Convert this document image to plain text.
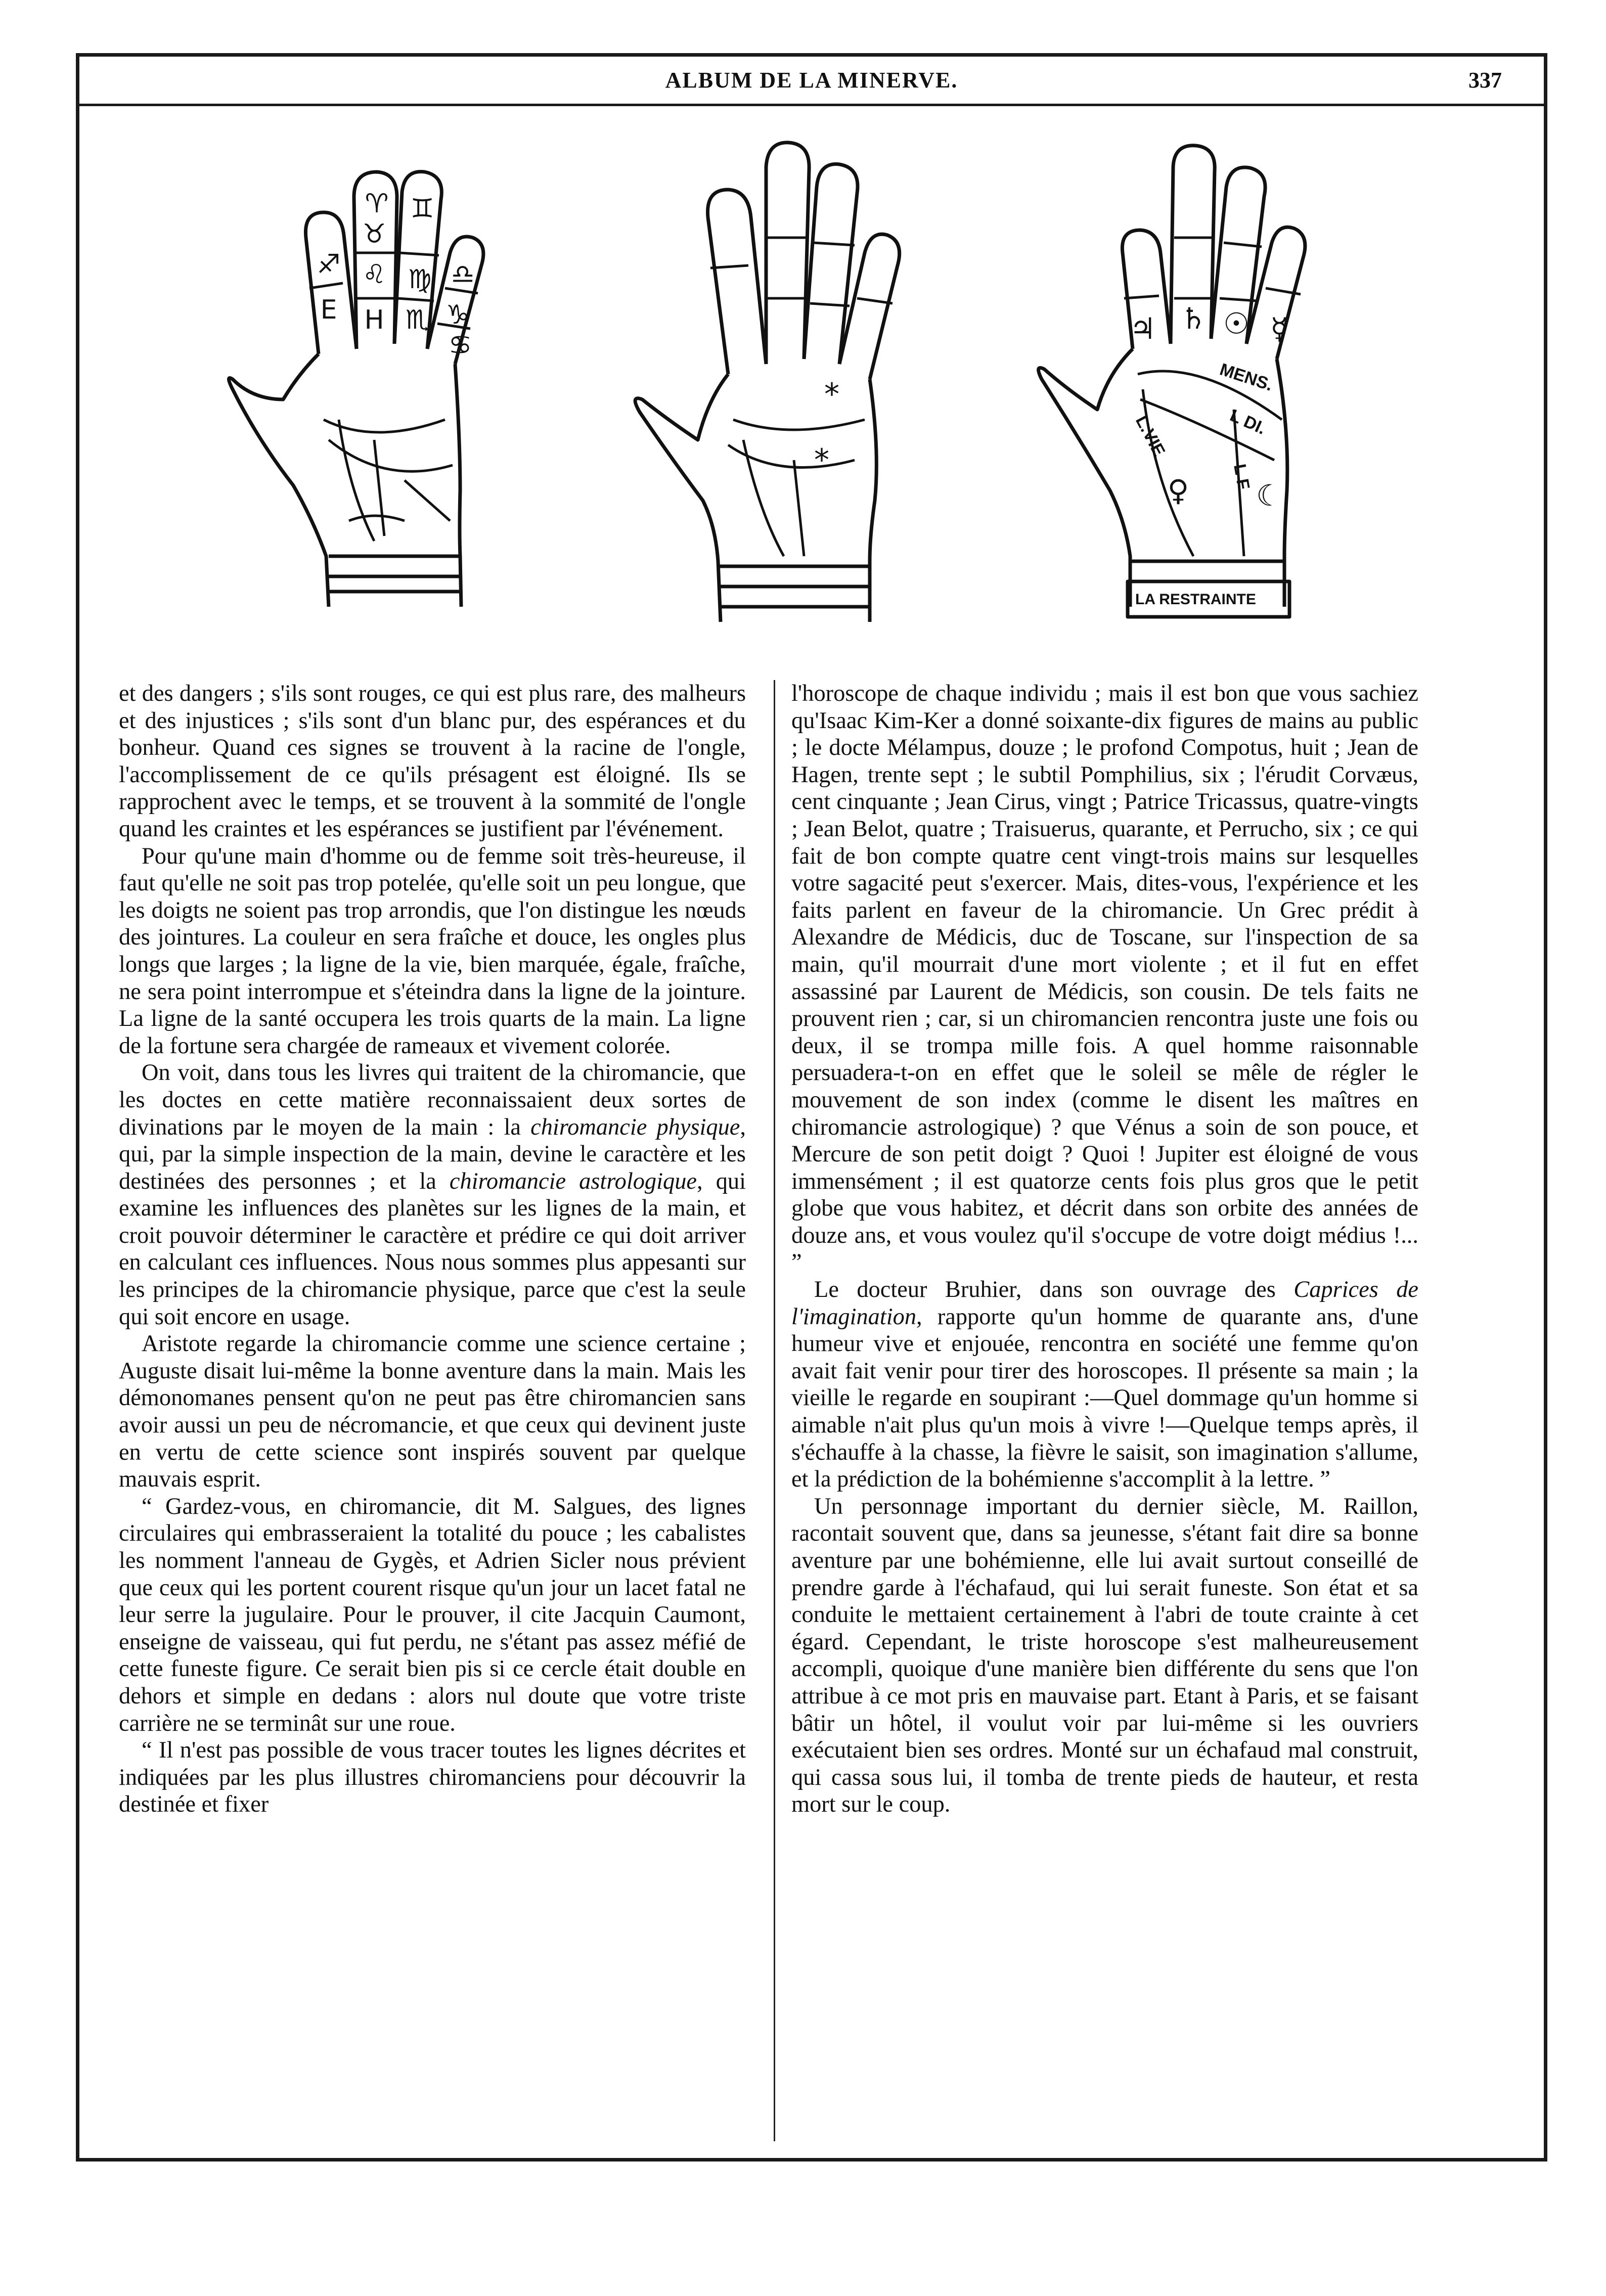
ALBUM DE LA MINERVE.	337
♐
♈
♉
♊
♌ ♍ ♎
E H ♏ ♑
♋
*
*
♃ ♄ ☉ ☿
♀ ☾
MENS.
L DI.
L.VIE
L F
LA RESTRAINTE

et des dangers ; s'ils sont rouges, ce qui est plus rare, des malheurs et des injustices ; s'ils sont d'un blanc pur, des espérances et du bonheur. Quand ces signes se trouvent à la racine de l'ongle, l'accomplissement de ce qu'ils présagent est éloigné. Ils se rapprochent avec le temps, et se trouvent à la sommité de l'ongle quand les craintes et les espérances se justifient par l'événement.

Pour qu'une main d'homme ou de femme soit très-heureuse, il faut qu'elle ne soit pas trop potelée, qu'elle soit un peu longue, que les doigts ne soient pas trop arrondis, que l'on distingue les nœuds des jointures. La couleur en sera fraîche et douce, les ongles plus longs que larges ; la ligne de la vie, bien marquée, égale, fraîche, ne sera point interrompue et s'éteindra dans la ligne de la jointure. La ligne de la santé occupera les trois quarts de la main. La ligne de la fortune sera chargée de rameaux et vivement colorée.

On voit, dans tous les livres qui traitent de la chiromancie, que les doctes en cette matière reconnaissaient deux sortes de divinations par le moyen de la main : la chiromancie physique, qui, par la simple inspection de la main, devine le caractère et les destinées des personnes ; et la chiromancie astrologique, qui examine les influences des planètes sur les lignes de la main, et croit pouvoir déterminer le caractère et prédire ce qui doit arriver en calculant ces influences. Nous nous sommes plus appesanti sur les principes de la chiromancie physique, parce que c'est la seule qui soit encore en usage.

Aristote regarde la chiromancie comme une science certaine ; Auguste disait lui-même la bonne aventure dans la main. Mais les démonomanes pensent qu'on ne peut pas être chiromancien sans avoir aussi un peu de nécromancie, et que ceux qui devinent juste en vertu de cette science sont inspirés souvent par quelque mauvais esprit.

“ Gardez-vous, en chiromancie, dit M. Salgues, des lignes circulaires qui embrasseraient la totalité du pouce ; les cabalistes les nomment l'anneau de Gygès, et Adrien Sicler nous prévient que ceux qui les portent courent risque qu'un jour un lacet fatal ne leur serre la jugulaire. Pour le prouver, il cite Jacquin Caumont, enseigne de vaisseau, qui fut perdu, ne s'étant pas assez méfié de cette funeste figure. Ce serait bien pis si ce cercle était double en dehors et simple en dedans : alors nul doute que votre triste carrière ne se terminât sur une roue.

“ Il n'est pas possible de vous tracer toutes les lignes décrites et indiquées par les plus illustres chiromanciens pour découvrir la destinée et fixer

l'horoscope de chaque individu ; mais il est bon que vous sachiez qu'Isaac Kim-Ker a donné soixante-dix figures de mains au public ; le docte Mélampus, douze ; le profond Compotus, huit ; Jean de Hagen, trente sept ; le subtil Pomphilius, six ; l'érudit Corvæus, cent cinquante ; Jean Cirus, vingt ; Patrice Tricassus, quatre-vingts ; Jean Belot, quatre ; Traisuerus, quarante, et Perrucho, six ; ce qui fait de bon compte quatre cent vingt-trois mains sur lesquelles votre sagacité peut s'exercer. Mais, dites-vous, l'expérience et les faits parlent en faveur de la chiromancie. Un Grec prédit à Alexandre de Médicis, duc de Toscane, sur l'inspection de sa main, qu'il mourrait d'une mort violente ; et il fut en effet assassiné par Laurent de Médicis, son cousin. De tels faits ne prouvent rien ; car, si un chiromancien rencontra juste une fois ou deux, il se trompa mille fois. A quel homme raisonnable persuadera-t-on en effet que le soleil se mêle de régler le mouvement de son index (comme le disent les maîtres en chiromancie astrologique) ? que Vénus a soin de son pouce, et Mercure de son petit doigt ? Quoi ! Jupiter est éloigné de vous immensément ; il est quatorze cents fois plus gros que le petit globe que vous habitez, et décrit dans son orbite des années de douze ans, et vous voulez qu'il s'occupe de votre doigt médius !... ”

Le docteur Bruhier, dans son ouvrage des Caprices de l'imagination, rapporte qu'un homme de quarante ans, d'une humeur vive et enjouée, rencontra en société une femme qu'on avait fait venir pour tirer des horoscopes. Il présente sa main ; la vieille le regarde en soupirant :—Quel dommage qu'un homme si aimable n'ait plus qu'un mois à vivre !—Quelque temps après, il s'échauffe à la chasse, la fièvre le saisit, son imagination s'allume, et la prédiction de la bohémienne s'accomplit à la lettre. ”

Un personnage important du dernier siècle, M. Raillon, racontait souvent que, dans sa jeunesse, s'étant fait dire sa bonne aventure par une bohémienne, elle lui avait surtout conseillé de prendre garde à l'échafaud, qui lui serait funeste. Son état et sa conduite le mettaient certainement à l'abri de toute crainte à cet égard. Cependant, le triste horoscope s'est malheureusement accompli, quoique d'une manière bien différente du sens que l'on attribue à ce mot pris en mauvaise part. Etant à Paris, et se faisant bâtir un hôtel, il voulut voir par lui-même si les ouvriers exécutaient bien ses ordres. Monté sur un échafaud mal construit, qui cassa sous lui, il tomba de trente pieds de hauteur, et resta mort sur le coup.
